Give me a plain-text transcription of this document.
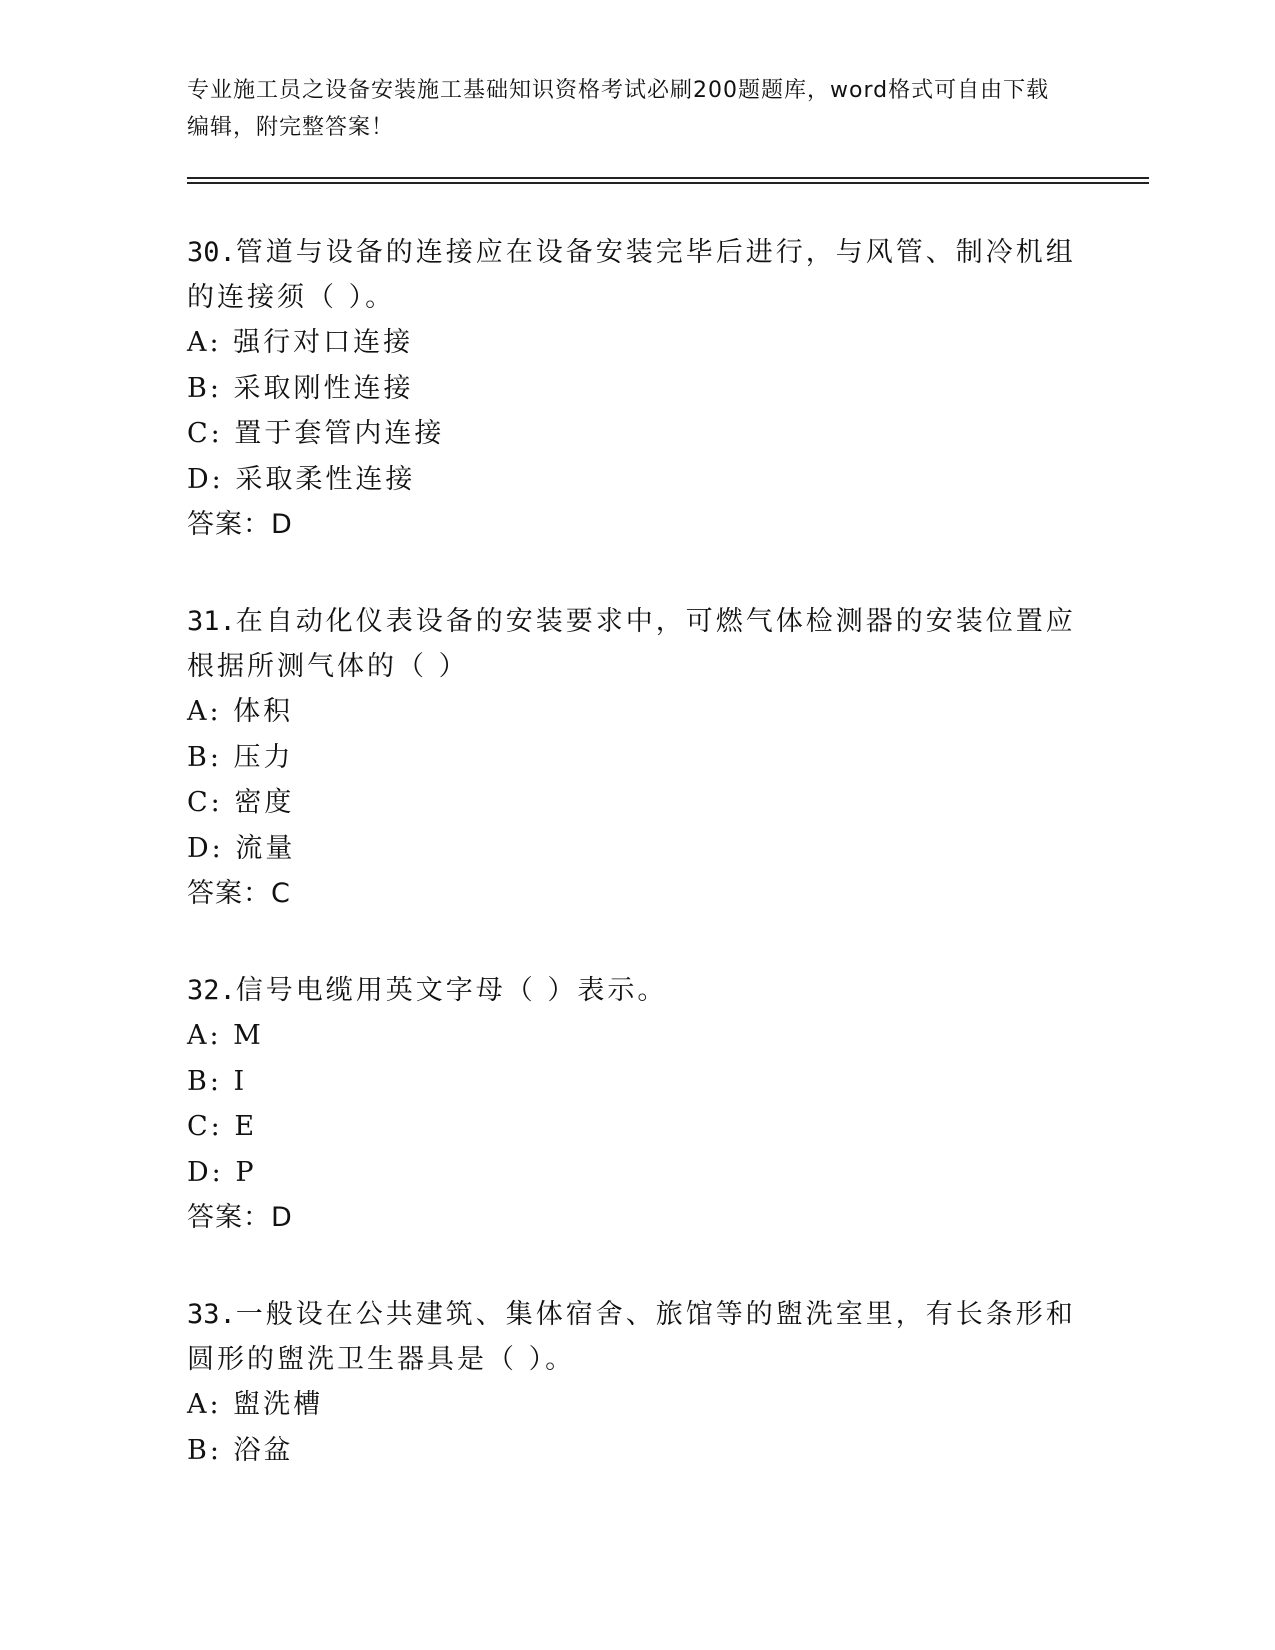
专业施工员之设备安装施工基础知识资格考试必刷200题题库，word格式可自由下载编辑，附完整答案！

30.管道与设备的连接应在设备安装完毕后进行，与风管、制冷机组的连接须（ ）。

A: 强行对口连接

B: 采取刚性连接

C: 置于套管内连接

D: 采取柔性连接

答案：D

31.在自动化仪表设备的安装要求中，可燃气体检测器的安装位置应根据所测气体的（ ）

A: 体积

B: 压力

C: 密度

D: 流量

答案：C

32.信号电缆用英文字母（ ）表示。

A: M

B: I

C: E

D: P

答案：D

33.一般设在公共建筑、集体宿舍、旅馆等的盥洗室里，有长条形和圆形的盥洗卫生器具是（ ）。

A: 盥洗槽

B: 浴盆
